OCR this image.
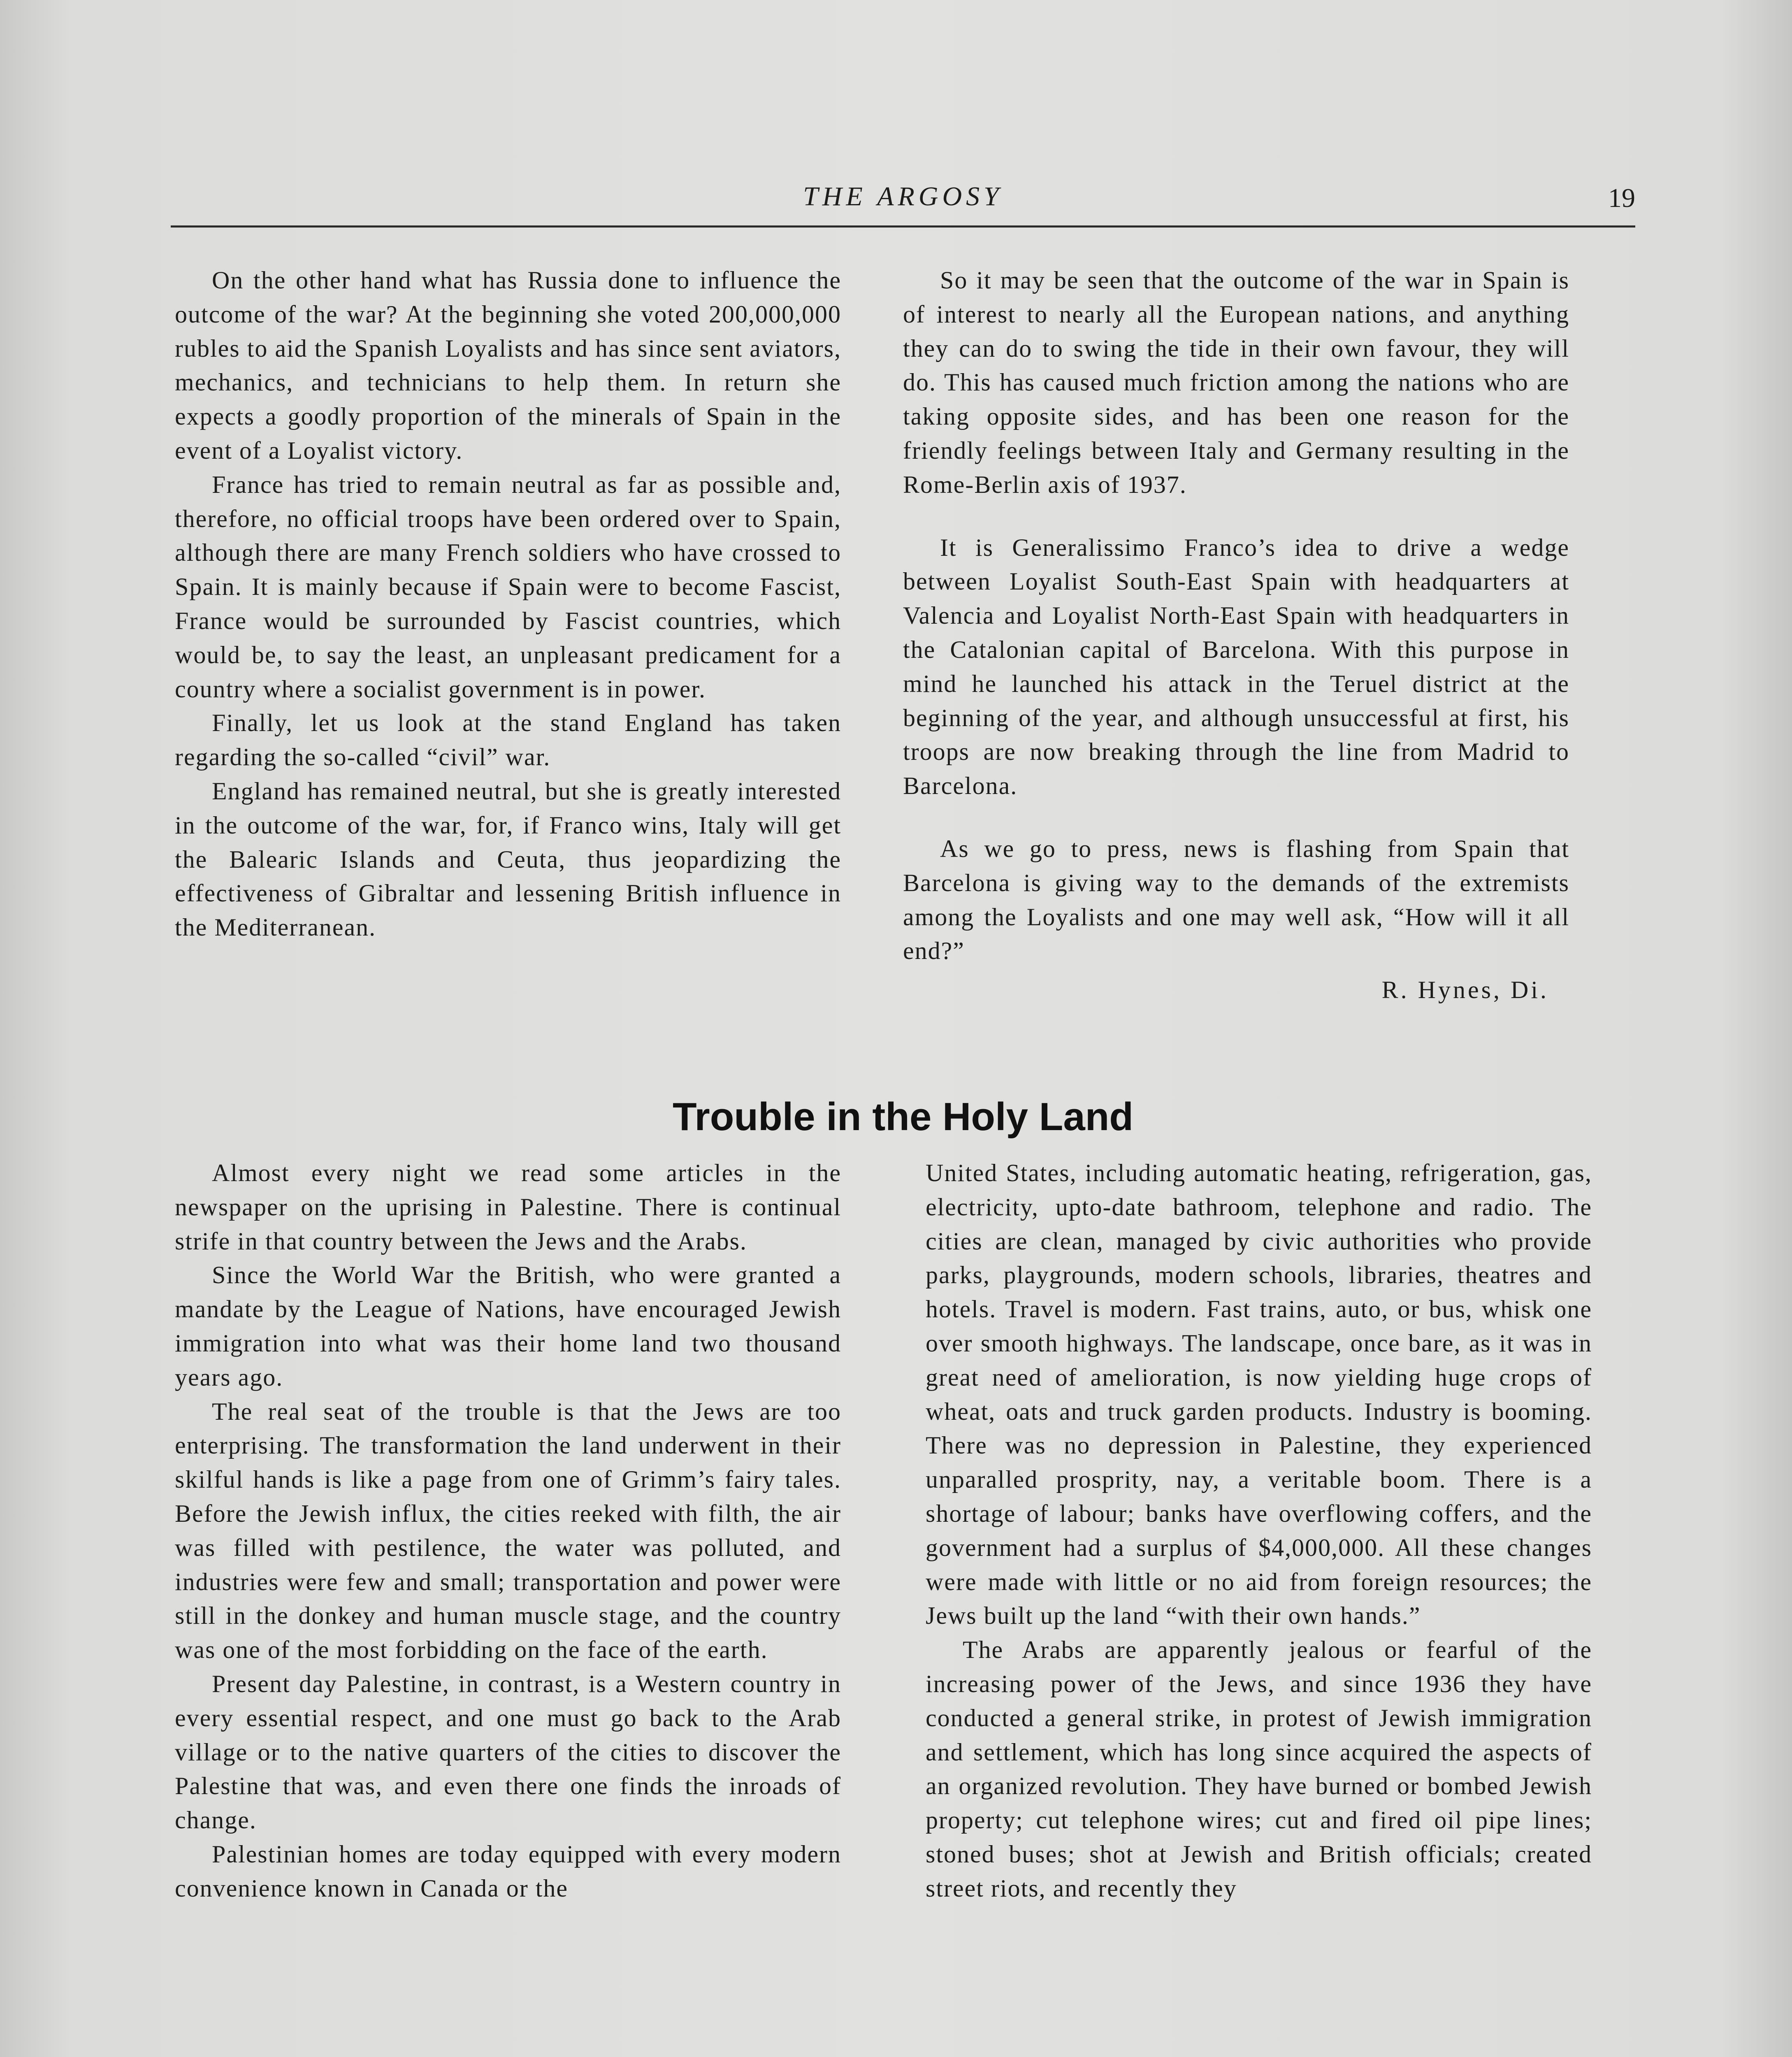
THE ARGOSY	19

On the other hand what has Russia done to influence the outcome of the war? At the beginning she voted 200,000,000 rubles to aid the Spanish Loyalists and has since sent aviators, mechanics, and technicians to help them. In return she expects a goodly proportion of the minerals of Spain in the event of a Loyalist victory.

France has tried to remain neutral as far as possible and, therefore, no official troops have been ordered over to Spain, although there are many French soldiers who have crossed to Spain. It is mainly because if Spain were to become Fascist, France would be surrounded by Fascist countries, which would be, to say the least, an unpleasant predicament for a country where a socialist government is in power.

Finally, let us look at the stand England has taken regarding the so-called “civil” war.

England has remained neutral, but she is greatly interested in the outcome of the war, for, if Franco wins, Italy will get the Balearic Islands and Ceuta, thus jeopardizing the effectiveness of Gibraltar and lessening British influence in the Mediterranean.

So it may be seen that the outcome of the war in Spain is of interest to nearly all the European nations, and anything they can do to swing the tide in their own favour, they will do. This has caused much friction among the nations who are taking opposite sides, and has been one reason for the friendly feelings between Italy and Germany resulting in the Rome-Berlin axis of 1937.

It is Generalissimo Franco’s idea to drive a wedge between Loyalist South-East Spain with headquarters at Valencia and Loyalist North-East Spain with headquarters in the Catalonian capital of Barcelona. With this purpose in mind he launched his attack in the Teruel district at the beginning of the year, and although unsuccessful at first, his troops are now breaking through the line from Madrid to Barcelona.

As we go to press, news is flashing from Spain that Barcelona is giving way to the demands of the extremists among the Loyalists and one may well ask, “How will it all end?”

R. Hynes, Di.

Trouble in the Holy Land

Almost every night we read some articles in the newspaper on the uprising in Palestine. There is continual strife in that country between the Jews and the Arabs.

Since the World War the British, who were granted a mandate by the League of Nations, have encouraged Jewish immigration into what was their home land two thousand years ago.

The real seat of the trouble is that the Jews are too enterprising. The transformation the land underwent in their skilful hands is like a page from one of Grimm’s fairy tales. Before the Jewish influx, the cities reeked with filth, the air was filled with pestilence, the water was polluted, and industries were few and small; transportation and power were still in the donkey and human muscle stage, and the country was one of the most forbidding on the face of the earth.

Present day Palestine, in contrast, is a Western country in every essential respect, and one must go back to the Arab village or to the native quarters of the cities to discover the Palestine that was, and even there one finds the inroads of change.

Palestinian homes are today equipped with every modern convenience known in Canada or the

United States, including automatic heating, refrigeration, gas, electricity, upto-date bathroom, telephone and radio. The cities are clean, managed by civic authorities who provide parks, playgrounds, modern schools, libraries, theatres and hotels. Travel is modern. Fast trains, auto, or bus, whisk one over smooth highways. The landscape, once bare, as it was in great need of amelioration, is now yielding huge crops of wheat, oats and truck garden products. Industry is booming. There was no depression in Palestine, they experienced unparalled prosprity, nay, a veritable boom. There is a shortage of labour; banks have overflowing coffers, and the government had a surplus of $4,000,000. All these changes were made with little or no aid from foreign resources; the Jews built up the land “with their own hands.”

The Arabs are apparently jealous or fearful of the increasing power of the Jews, and since 1936 they have conducted a general strike, in protest of Jewish immigration and settlement, which has long since acquired the aspects of an organized revolution. They have burned or bombed Jewish property; cut telephone wires; cut and fired oil pipe lines; stoned buses; shot at Jewish and British officials; created street riots, and recently they
